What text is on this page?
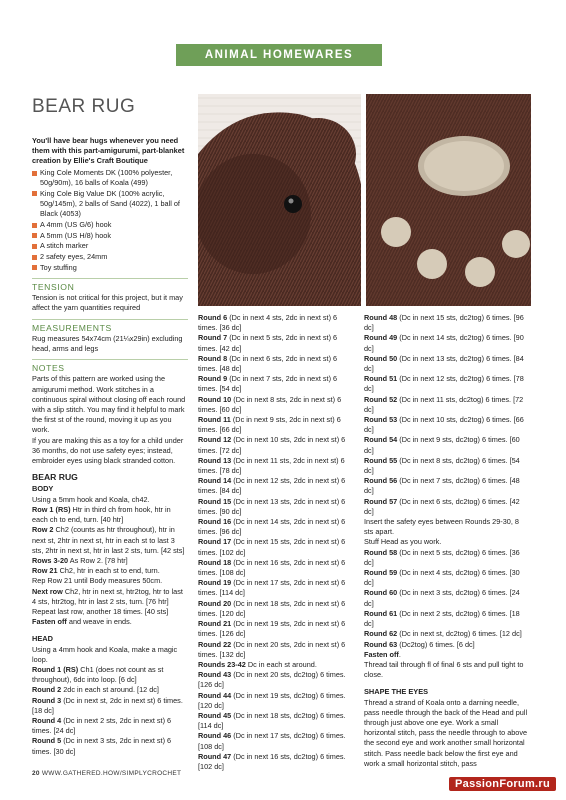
ANIMAL HOMEWARES COLLECTION
BEAR RUG

You'll have bear hugs whenever you need them with this part-amigurumi, part-blanket creation by Ellie's Craft Boutique

King Cole Moments DK (100% polyester, 50g/90m), 16 balls of Koala (499)
King Cole Big Value DK (100% acrylic, 50g/145m), 2 balls of Sand (4022), 1 ball of Black (4053)
A 4mm (US G/6) hook
A 5mm (US H/8) hook
A stitch marker
2 safety eyes, 24mm
Toy stuffing
TENSION

Tension is not critical for this project, but it may affect the yarn quantities required

MEASUREMENTS

Rug measures 54x74cm (21¼x29in) excluding head, arms and legs

NOTES

Parts of this pattern are worked using the amigurumi method. Work stitches in a continuous spiral without closing off each round with a slip stitch. You may find it helpful to mark the first st of the round, moving it up as you work.

If you are making this as a toy for a child under 36 months, do not use safety eyes; instead, embroider eyes using black stranded cotton.

BEAR RUG
BODY

Using a 5mm hook and Koala, ch42.

Row 1 (RS) Htr in third ch from hook, htr in each ch to end, turn. [40 htr]

Row 2 Ch2 (counts as htr throughout), htr in next st, 2htr in next st, htr in each st to last 3 sts, 2htr in next st, htr in last 2 sts, turn. [42 sts]

Rows 3-20 As Row 2. [78 htr]

Row 21 Ch2, htr in each st to end, turn.

Rep Row 21 until Body measures 50cm.

Next row Ch2, htr in next st, htr2tog, htr to last 4 sts, htr2tog, htr in last 2 sts, turn. [76 htr]

Repeat last row, another 18 times. [40 sts]

Fasten off and weave in ends.

HEAD

Using a 4mm hook and Koala, make a magic loop.

Round 1 (RS) Ch1 (does not count as st throughout), 6dc into loop. [6 dc]

Round 2 2dc in each st around. [12 dc]

Round 3 (Dc in next st, 2dc in next st) 6 times. [18 dc]

Round 4 (Dc in next 2 sts, 2dc in next st) 6 times. [24 dc]

Round 5 (Dc in next 3 sts, 2dc in next st) 6 times. [30 dc]

Round 6 (Dc in next 4 sts, 2dc in next st) 6 times. [36 dc]

Round 7 (Dc in next 5 sts, 2dc in next st) 6 times. [42 dc]

Round 8 (Dc in next 6 sts, 2dc in next st) 6 times. [48 dc]

Round 9 (Dc in next 7 sts, 2dc in next st) 6 times. [54 dc]

Round 10 (Dc in next 8 sts, 2dc in next st) 6 times. [60 dc]

Round 11 (Dc in next 9 sts, 2dc in next st) 6 times. [66 dc]

Round 12 (Dc in next 10 sts, 2dc in next st) 6 times. [72 dc]

Round 13 (Dc in next 11 sts, 2dc in next st) 6 times. [78 dc]

Round 14 (Dc in next 12 sts, 2dc in next st) 6 times. [84 dc]

Round 15 (Dc in next 13 sts, 2dc in next st) 6 times. [90 dc]

Round 16 (Dc in next 14 sts, 2dc in next st) 6 times. [96 dc]

Round 17 (Dc in next 15 sts, 2dc in next st) 6 times. [102 dc]

Round 18 (Dc in next 16 sts, 2dc in next st) 6 times. [108 dc]

Round 19 (Dc in next 17 sts, 2dc in next st) 6 times. [114 dc]

Round 20 (Dc in next 18 sts, 2dc in next st) 6 times. [120 dc]

Round 21 (Dc in next 19 sts, 2dc in next st) 6 times. [126 dc]

Round 22 (Dc in next 20 sts, 2dc in next st) 6 times. [132 dc]

Rounds 23-42 Dc in each st around.

Round 43 (Dc in next 20 sts, dc2tog) 6 times. [126 dc]

Round 44 (Dc in next 19 sts, dc2tog) 6 times. [120 dc]

Round 45 (Dc in next 18 sts, dc2tog) 6 times. [114 dc]

Round 46 (Dc in next 17 sts, dc2tog) 6 times. [108 dc]

Round 47 (Dc in next 16 sts, dc2tog) 6 times. [102 dc]

Round 48 (Dc in next 15 sts, dc2tog) 6 times. [96 dc]

Round 49 (Dc in next 14 sts, dc2tog) 6 times. [90 dc]

Round 50 (Dc in next 13 sts, dc2tog) 6 times. [84 dc]

Round 51 (Dc in next 12 sts, dc2tog) 6 times. [78 dc]

Round 52 (Dc in next 11 sts, dc2tog) 6 times. [72 dc]

Round 53 (Dc in next 10 sts, dc2tog) 6 times. [66 dc]

Round 54 (Dc in next 9 sts, dc2tog) 6 times. [60 dc]

Round 55 (Dc in next 8 sts, dc2tog) 6 times. [54 dc]

Round 56 (Dc in next 7 sts, dc2tog) 6 times. [48 dc]

Round 57 (Dc in next 6 sts, dc2tog) 6 times. [42 dc]

Insert the safety eyes between Rounds 29-30, 8 sts apart.

Stuff Head as you work.

Round 58 (Dc in next 5 sts, dc2tog) 6 times. [36 dc]

Round 59 (Dc in next 4 sts, dc2tog) 6 times. [30 dc]

Round 60 (Dc in next 3 sts, dc2tog) 6 times. [24 dc]

Round 61 (Dc in next 2 sts, dc2tog) 6 times. [18 dc]

Round 62 (Dc in next st, dc2tog) 6 times. [12 dc]

Round 63 (Dc2tog) 6 times. [6 dc]

Fasten off.

Thread tail through fl of final 6 sts and pull tight to close.

SHAPE THE EYES

Thread a strand of Koala onto a darning needle, pass needle through the back of the Head and pull through just above one eye. Work a small horizontal stitch, pass the needle through to above the second eye and work another small horizontal stitch. Pass needle back below the first eye and work a small horizontal stitch, pass

20 WWW.GATHERED.HOW/SIMPLYCROCHET
PassionForum.ru
